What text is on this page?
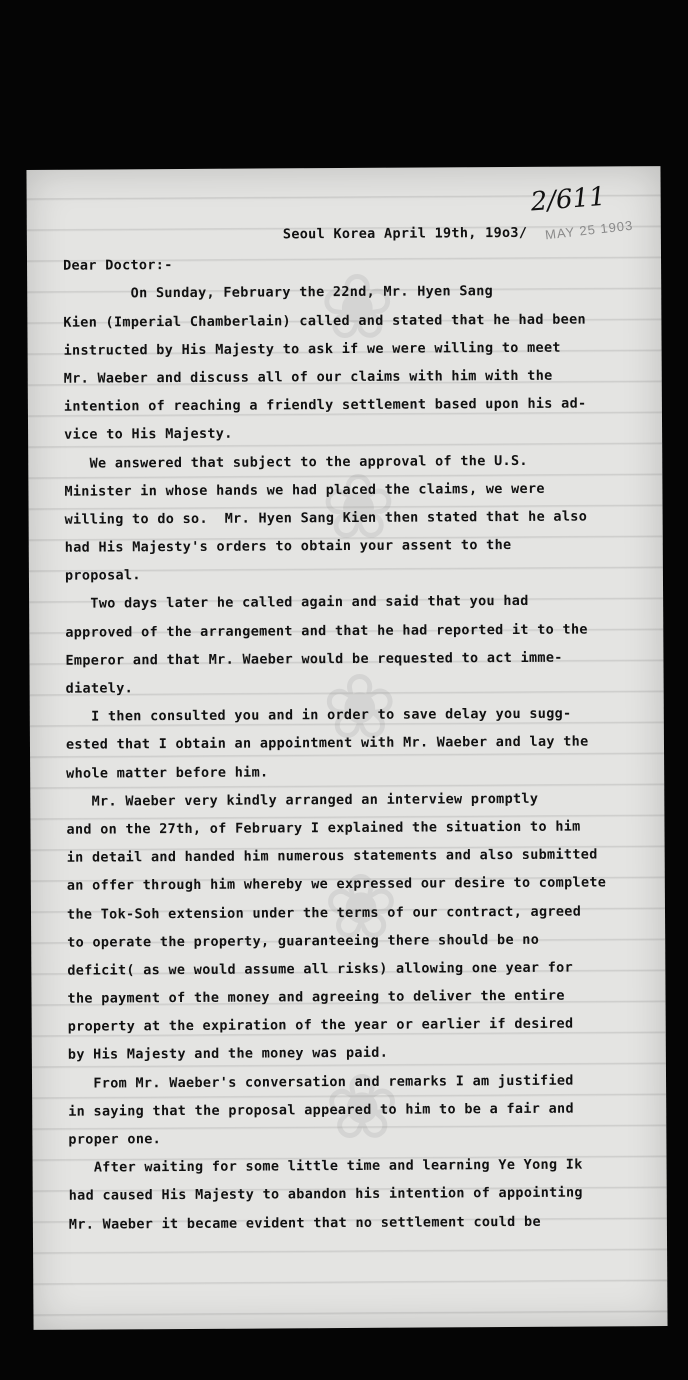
❀
❀
❀
❀
❀
2/611
MAY 25 1903
Seoul Korea April 19th, 19o3/
Dear Doctor:-
On Sunday, February the 22nd, Mr. Hyen Sang
Kien (Imperial Chamberlain) called and stated that he had been
instructed by His Majesty to ask if we were willing to meet
Mr. Waeber and discuss all of our claims with him with the
intention of reaching a friendly settlement based upon his ad-
vice to His Majesty.
We answered that subject to the approval of the U.S.
Minister in whose hands we had placed the claims, we were
willing to do so.  Mr. Hyen Sang Kien then stated that he also
had His Majesty's orders to obtain your assent to the
proposal.
Two days later he called again and said that you had
approved of the arrangement and that he had reported it to the
Emperor and that Mr. Waeber would be requested to act imme-
diately.
I then consulted you and in order to save delay you sugg-
ested that I obtain an appointment with Mr. Waeber and lay the
whole matter before him.
Mr. Waeber very kindly arranged an interview promptly
and on the 27th, of February I explained the situation to him
in detail and handed him numerous statements and also submitted
an offer through him whereby we expressed our desire to complete
the Tok-Soh extension under the terms of our contract, agreed
to operate the property, guaranteeing there should be no
deficit( as we would assume all risks) allowing one year for
the payment of the money and agreeing to deliver the entire
property at the expiration of the year or earlier if desired
by His Majesty and the money was paid.
From Mr. Waeber's conversation and remarks I am justified
in saying that the proposal appeared to him to be a fair and
proper one.
After waiting for some little time and learning Ye Yong Ik
had caused His Majesty to abandon his intention of appointing
Mr. Waeber it became evident that no settlement could be
